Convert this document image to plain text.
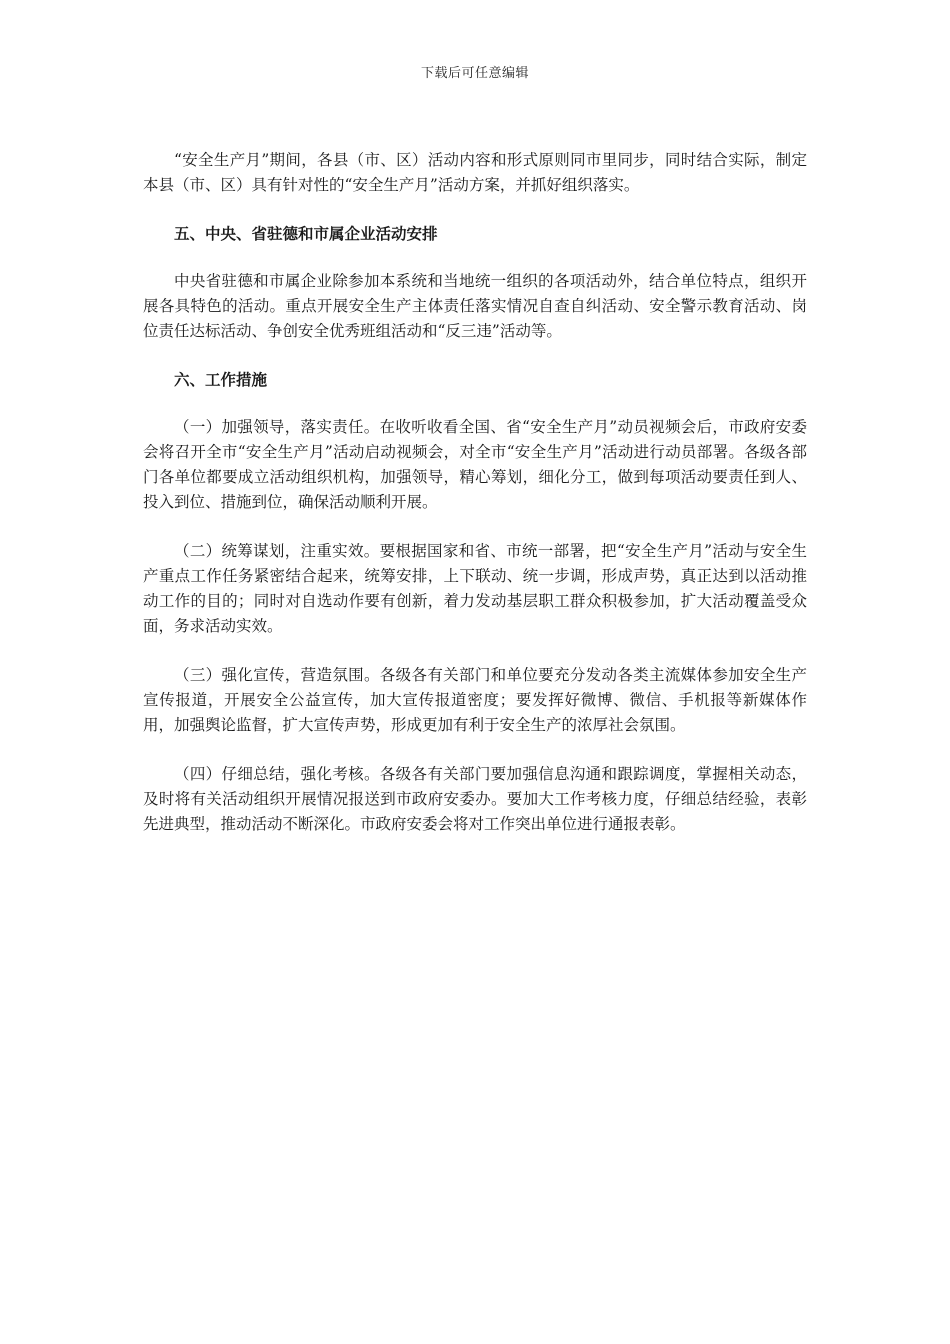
下载后可任意编辑

“安全生产月”期间，各县（市、区）活动内容和形式原则同市里同步，同时结合实际，制定本县（市、区）具有针对性的“安全生产月”活动方案，并抓好组织落实。

五、中央、省驻德和市属企业活动安排

中央省驻德和市属企业除参加本系统和当地统一组织的各项活动外，结合单位特点，组织开展各具特色的活动。重点开展安全生产主体责任落实情况自查自纠活动、安全警示教育活动、岗位责任达标活动、争创安全优秀班组活动和“反三违”活动等。

六、工作措施

（一）加强领导，落实责任。在收听收看全国、省“安全生产月”动员视频会后，市政府安委会将召开全市“安全生产月”活动启动视频会，对全市“安全生产月”活动进行动员部署。各级各部门各单位都要成立活动组织机构，加强领导，精心筹划，细化分工，做到每项活动要责任到人、投入到位、措施到位，确保活动顺利开展。

（二）统筹谋划，注重实效。要根据国家和省、市统一部署，把“安全生产月”活动与安全生产重点工作任务紧密结合起来，统筹安排，上下联动、统一步调，形成声势，真正达到以活动推动工作的目的；同时对自选动作要有创新，着力发动基层职工群众积极参加，扩大活动覆盖受众面，务求活动实效。

（三）强化宣传，营造氛围。各级各有关部门和单位要充分发动各类主流媒体参加安全生产宣传报道，开展安全公益宣传，加大宣传报道密度；要发挥好微博、微信、手机报等新媒体作用，加强舆论监督，扩大宣传声势，形成更加有利于安全生产的浓厚社会氛围。

（四）仔细总结，强化考核。各级各有关部门要加强信息沟通和跟踪调度，掌握相关动态，及时将有关活动组织开展情况报送到市政府安委办。要加大工作考核力度，仔细总结经验，表彰先进典型，推动活动不断深化。市政府安委会将对工作突出单位进行通报表彰。
